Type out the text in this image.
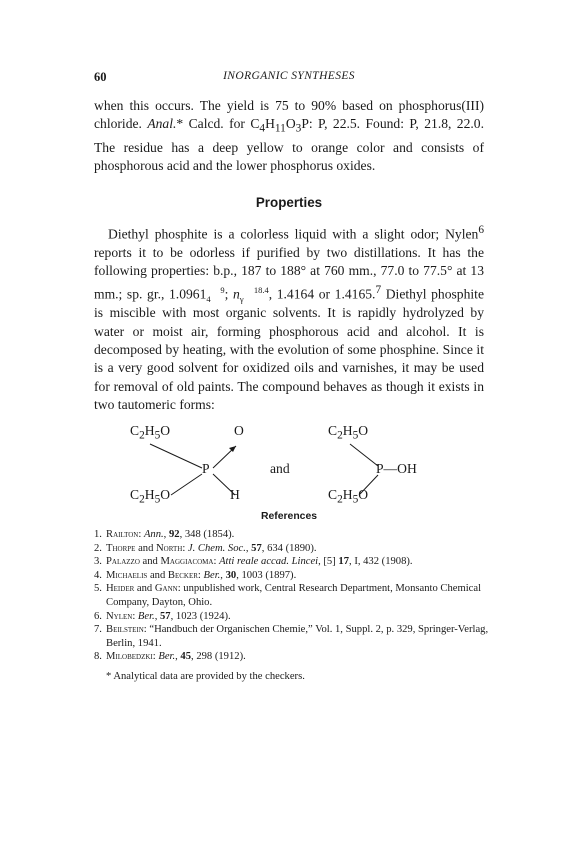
60	INORGANIC SYNTHESES
when this occurs. The yield is 75 to 90% based on phosphorus(III) chloride. Anal.* Calcd. for $C_4H_{11}O_3P$: P, 22.5. Found: P, 21.8, 22.0. The residue has a deep yellow to orange color and consists of phosphorous acid and the lower phosphorus oxides.
Properties
Diethyl phosphite is a colorless liquid with a slight odor; Nylen$^6$ reports it to be odorless if purified by two distillations. It has the following properties: b.p., 187 to 188° at 760 mm., 77.0 to 77.5° at 13 mm.; sp. gr., 1.0961 9
4 ; n 18.4
γ , 1.4164 or 1.4165.$^7$ Diethyl phosphite is miscible with most organic solvents. It is rapidly hydrolyzed by water or moist air, forming phosphorous acid and alcohol. It is decomposed by heating, with the evolution of some phosphine. Since it is a very good solvent for oxidized oils and varnishes, it may be used for removal of old paints. The compound behaves as though it exists in two tautomeric forms:
$C_2H_5O$	O
P	and
$C_2H_5O$	H
$C_2H_5O$
P—OH
$C_2H_5O$
References
1. Railton: Ann., 92, 348 (1854).
2. Thorpe and North: J. Chem. Soc., 57, 634 (1890).
3. Palazzo and Maggiacoma: Atti reale accad. Lincei, [5] 17, I, 432 (1908).
4. Michaelis and Becker: Ber., 30, 1003 (1897).
5. Heider and Gann: unpublished work, Central Research Department, Monsanto Chemical Company, Dayton, Ohio.
6. Nylen: Ber., 57, 1023 (1924).
7. Beilstein: “Handbuch der Organischen Chemie,” Vol. 1, Suppl. 2, p. 329, Springer-Verlag, Berlin, 1941.
8. Milobedzki: Ber., 45, 298 (1912).
* Analytical data are provided by the checkers.
